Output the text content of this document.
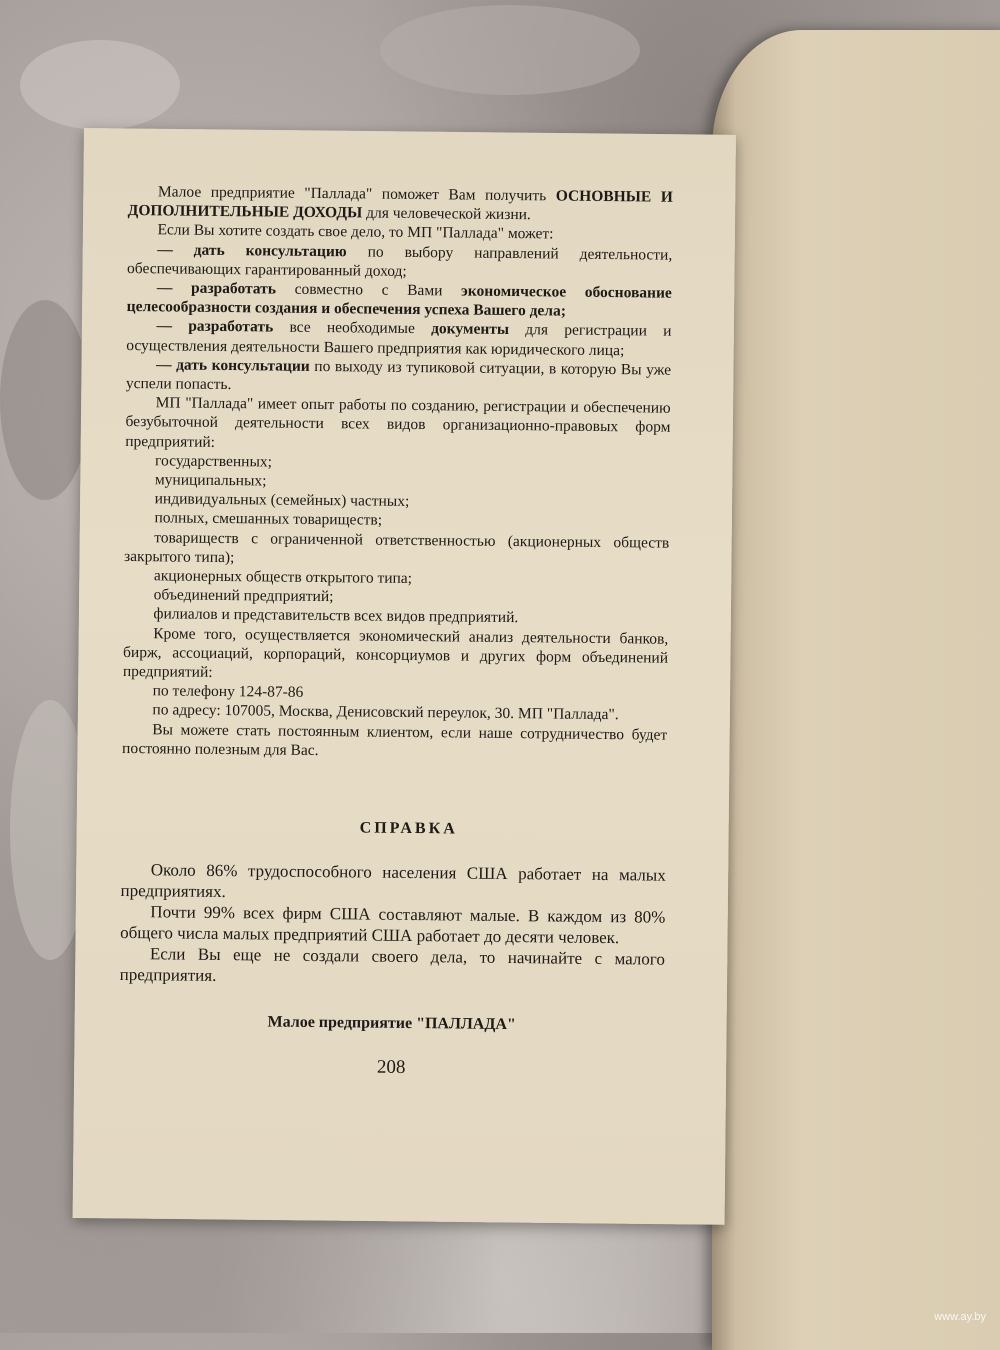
Малое предприятие "Паллада" поможет Вам получить ОСНОВНЫЕ И ДОПОЛНИТЕЛЬНЫЕ ДОХОДЫ для человеческой жизни.

Если Вы хотите создать свое дело, то МП "Паллада" может:

— дать консультацию по выбору направлений деятельности, обеспечивающих гарантированный доход;

— разработать совместно с Вами экономическое обоснование целесообразности создания и обеспечения успеха Вашего дела;

— разработать все необходимые документы для регистрации и осуществления деятельности Вашего предприятия как юридического лица;

— дать консультации по выходу из тупиковой ситуации, в которую Вы уже успели попасть.

МП "Паллада" имеет опыт работы по созданию, регистрации и обеспечению безубыточной деятельности всех видов организационно-правовых форм предприятий:

государственных;

муниципальных;

индивидуальных (семейных) частных;

полных, смешанных товариществ;

товариществ с ограниченной ответственностью (акционерных обществ закрытого типа);

акционерных обществ открытого типа;

объединений предприятий;

филиалов и представительств всех видов предприятий.

Кроме того, осуществляется экономический анализ деятельности банков, бирж, ассоциаций, корпораций, консорциумов и других форм объединений предприятий:

по телефону 124-87-86

по адресу: 107005, Москва, Денисовский переулок, 30. МП "Паллада".

Вы можете стать постоянным клиентом, если наше сотрудничество будет постоянно полезным для Вас.

СПРАВКА

Около 86% трудоспособного населения США работает на малых предприятиях.

Почти 99% всех фирм США составляют малые. В каждом из 80% общего числа малых предприятий США работает до десяти человек.

Если Вы еще не создали своего дела, то начинайте с малого предприятия.

Малое предприятие "ПАЛЛАДА"
208
www.ay.by
